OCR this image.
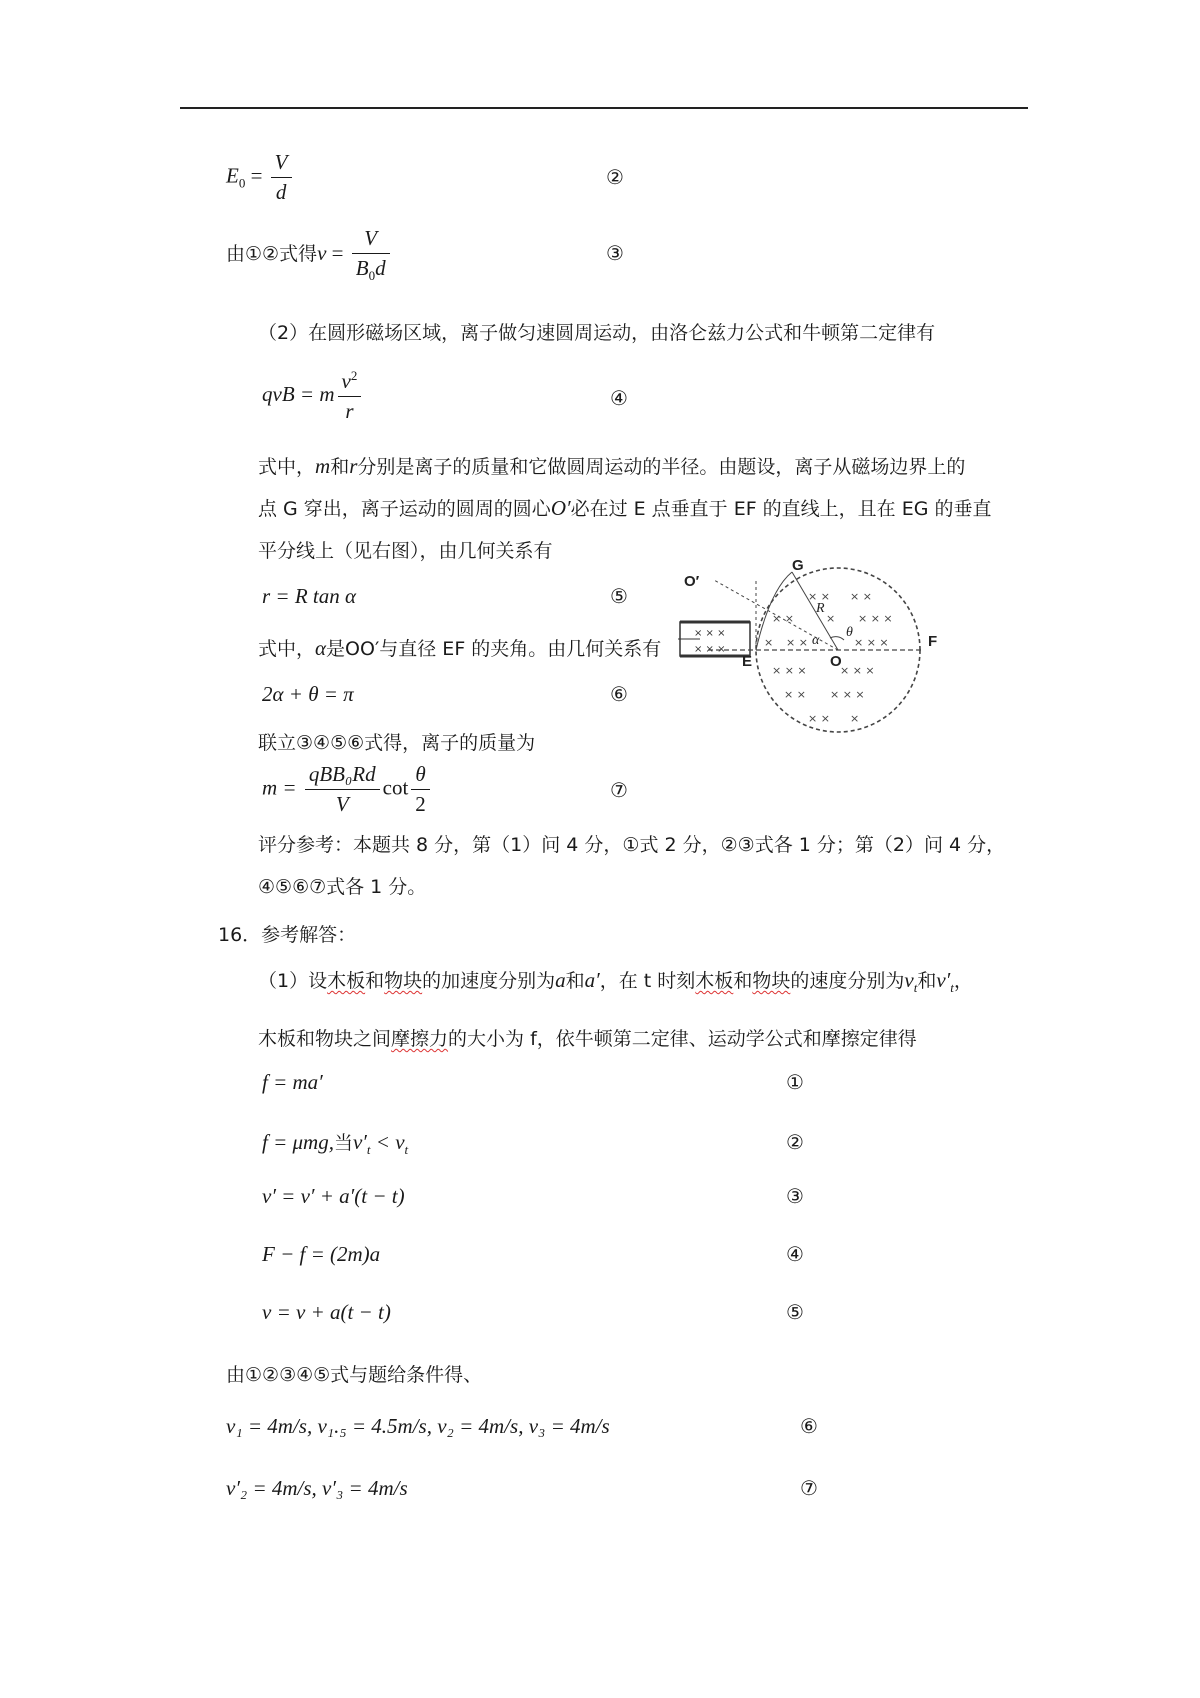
$E_0 = \frac{V}{d}$	②
由①②式得$v = \frac{V}{B_0d}$	③
（2）在圆形磁场区域，离子做匀速圆周运动，由洛仑兹力公式和牛顿第二定律有
qvB = m $\frac{v^2}{r}$	④
式中，m和r分别是离子的质量和它做圆周运动的半径。由题设，离子从磁场边界上的
点 G 穿出，离子运动的圆周的圆心O′必在过 E 点垂直于 EF 的直线上，且在 EG 的垂直
平分线上（见右图），由几何关系有
r = R tan α	⑤
式中，α是OO′与直径 EF 的夹角。由几何关系有
2α + θ = π	⑥
联立③④⑤⑥式得，离子的质量为
$m = \frac{\text{qBB₀Rd}}{V}$ $\cot \frac{\theta}{2}$	⑦
评分参考：本题共 8 分，第（1）问 4 分，①式 2 分，②③式各 1 分；第（2）问 4 分，
④⑤⑥⑦式各 1 分。
× × ×
× × ×
× × × ×
× ×	× × × ×
× × ×	× × ×
× × ×	× × ×
× × × × ×
× × ×
G
O′
O
E
F
R
θ
α
16．参考解答：
（1）设木板和物块的加速度分别为a和a′，在 t 时刻木板和物块的速度分别为$v_t$和$v'_t$，
木板和物块之间摩擦力的大小为 f，依牛顿第二定律、运动学公式和摩擦定律得
f = ma′	①
f = μmg,当$v'_t < v_t$	②
v′ = v′ + a′(t − t)	③
F − f = (2m)a	④
v = v + a(t − t)	⑤
由①②③④⑤式与题给条件得、
v₁ = 4m/s, v₁.₅ = 4.5m/s, v₂ = 4m/s, v₃ = 4m/s	⑥
v′₂ = 4m/s, v′₃ = 4m/s	⑦
